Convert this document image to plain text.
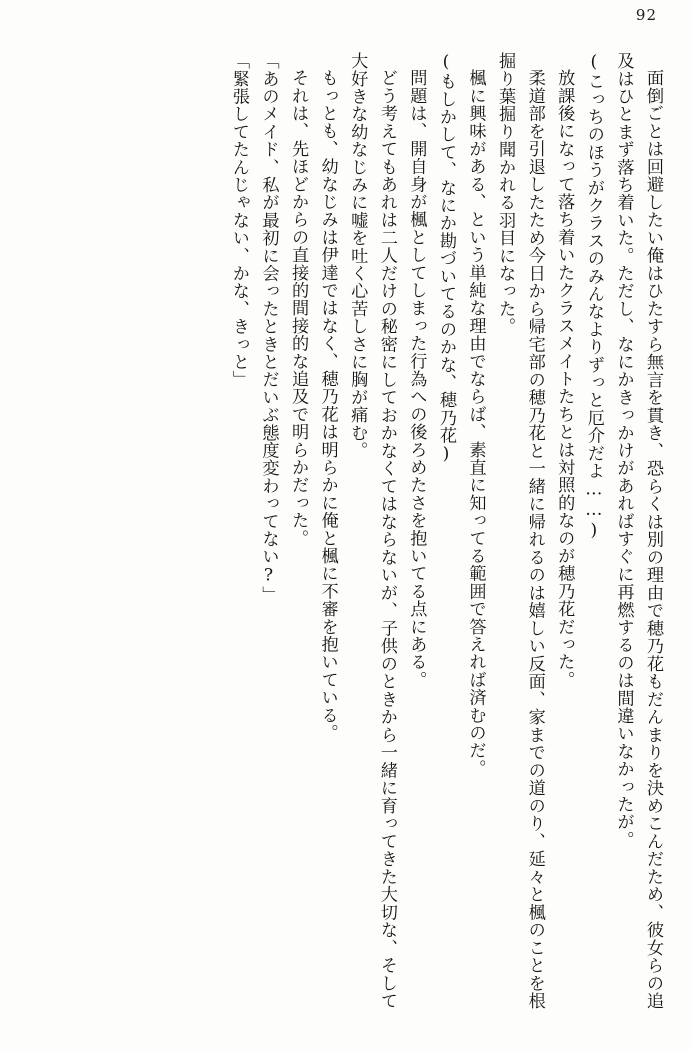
92

面倒ごとは回避したい俺はひたすら無言を貫き、恐らくは別の理由で穂乃花もだんまりを決めこんだため、彼女らの追及はひとまず落ち着いた。ただし、なにかきっかけがあればすぐに再燃するのは間違いなかったが。

(こっちのほうがクラスのみんなよりずっと厄介だよ……)

放課後になって落ち着いたクラスメイトたちとは対照的なのが穂乃花だった。

柔道部を引退したため今日から帰宅部の穂乃花と一緒に帰れるのは嬉しい反面、家までの道のり、延々と楓のことを根掘り葉掘り聞かれる羽目になった。

楓に興味がある、という単純な理由でならば、素直に知ってる範囲で答えれば済むのだ。

(もしかして、なにか勘づいてるのかな、穂乃花)

問題は、開自身が楓としてしまった行為への後ろめたさを抱いてる点にある。

どう考えてもあれは二人だけの秘密にしておかなくてはならないが、子供のときから一緒に育ってきた大切な、そして大好きな幼なじみに嘘を吐く心苦しさに胸が痛む。

もっとも、幼なじみは伊達ではなく、穂乃花は明らかに俺と楓に不審を抱いている。

それは、先ほどからの直接的間接的な追及で明らかだった。

「あのメイド、私が最初に会ったときとだいぶ態度変わってない?」

「緊張してたんじゃない、かな、きっと」
